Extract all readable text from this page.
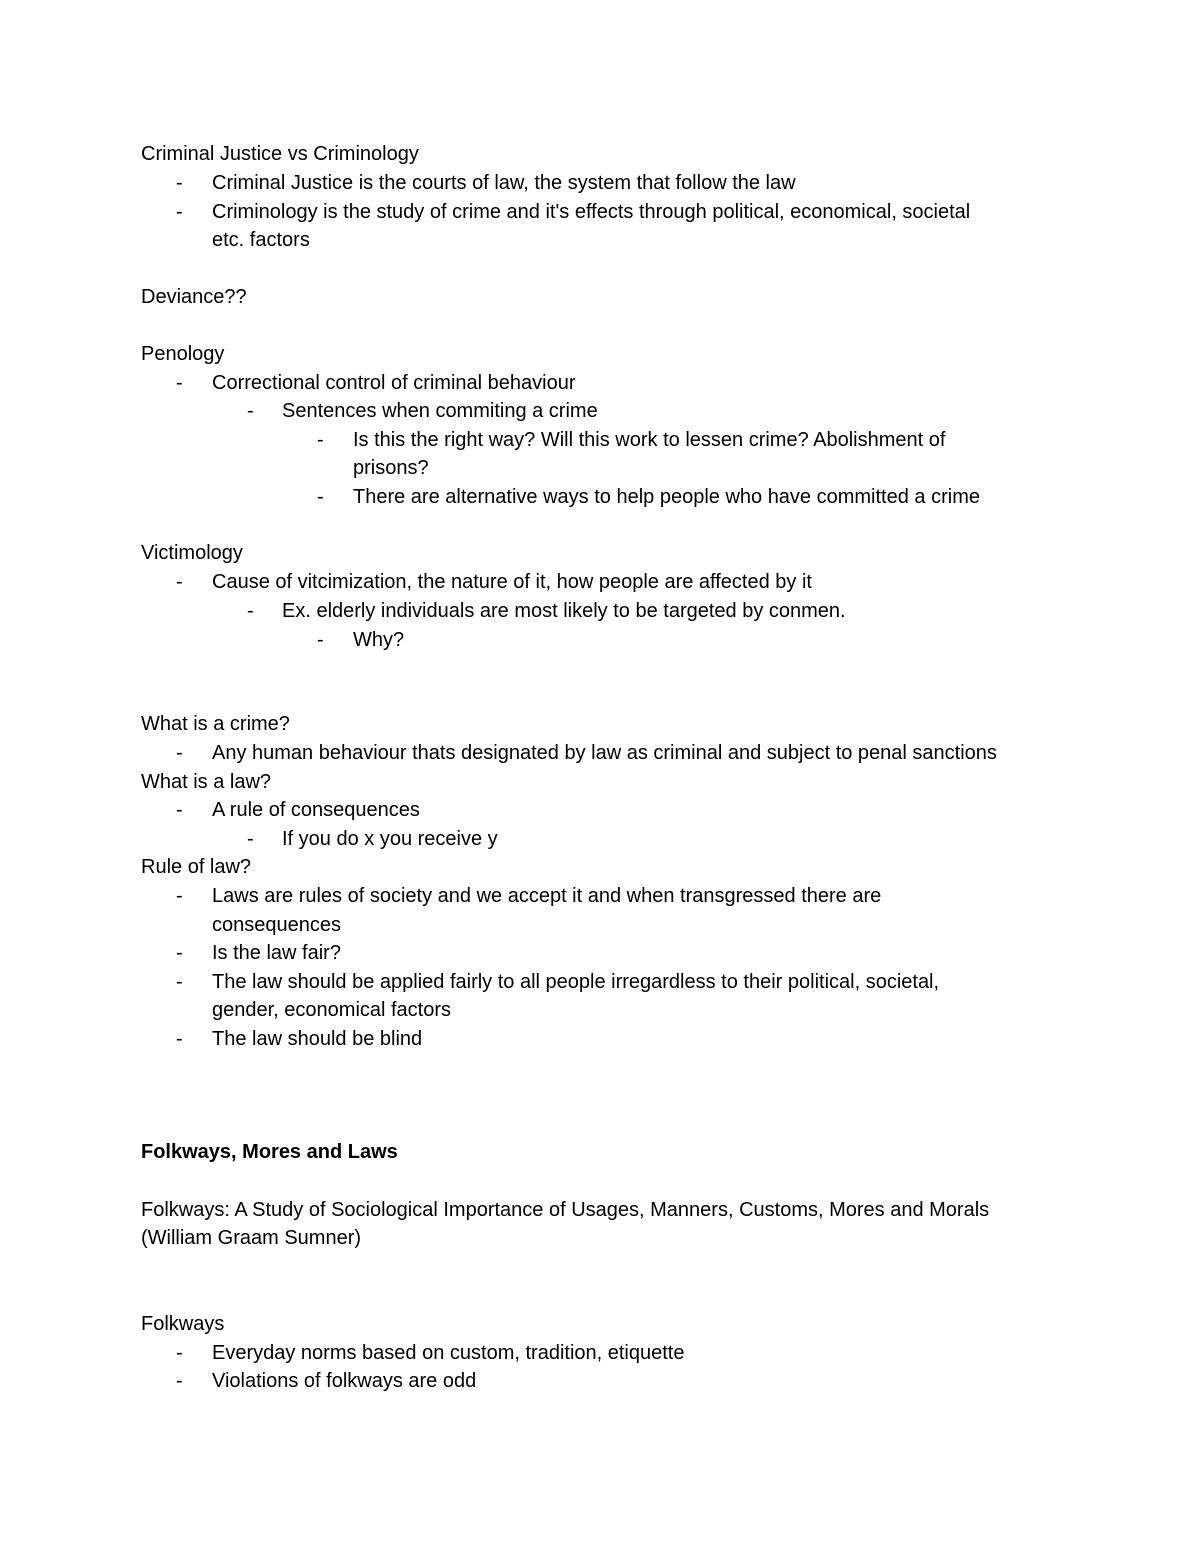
Criminal Justice vs Criminology
- Criminal Justice is the courts of law, the system that follow the law
- Criminology is the study of crime and it's effects through political, economical, societal
etc. factors
Deviance??
Penology
- Correctional control of criminal behaviour
- Sentences when commiting a crime
- Is this the right way? Will this work to lessen crime? Abolishment of
prisons?
- There are alternative ways to help people who have committed a crime
Victimology
- Cause of vitcimization, the nature of it, how people are affected by it
- Ex. elderly individuals are most likely to be targeted by conmen.
- Why?
What is a crime?
- Any human behaviour thats designated by law as criminal and subject to penal sanctions
What is a law?
- A rule of consequences
- If you do x you receive y
Rule of law?
- Laws are rules of society and we accept it and when transgressed there are
consequences
- Is the law fair?
- The law should be applied fairly to all people irregardless to their political, societal,
gender, economical factors
- The law should be blind
Folkways, Mores and Laws
Folkways: A Study of Sociological Importance of Usages, Manners, Customs, Mores and Morals
(William Graam Sumner)
Folkways
- Everyday norms based on custom, tradition, etiquette
- Violations of folkways are odd
